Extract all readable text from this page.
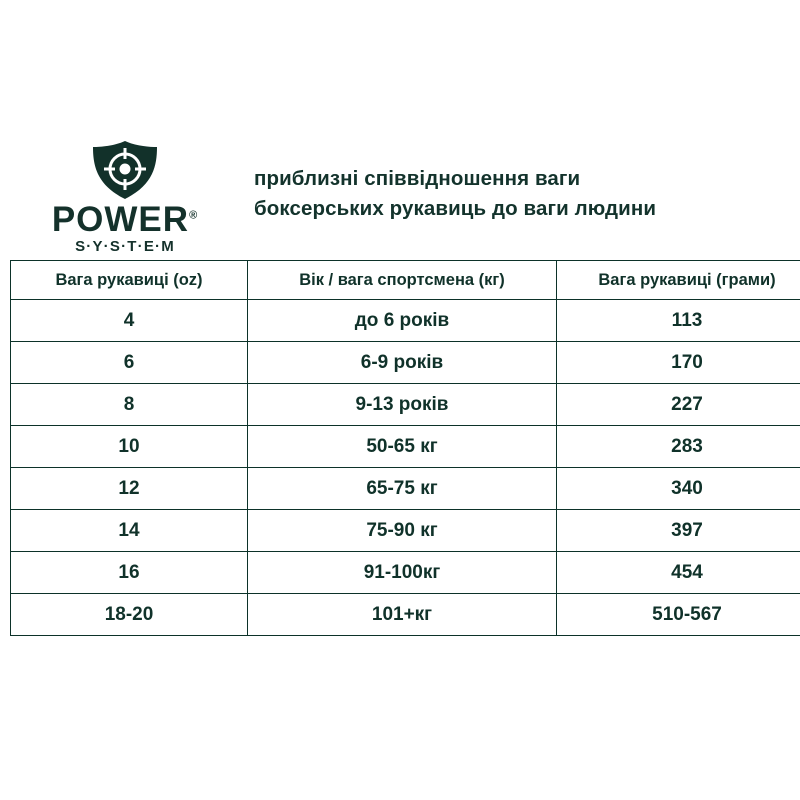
POWER®
S·Y·S·T·E·M
приблизні співвідношення ваги
боксерських рукавиць до ваги людини
Вага рукавиці (oz)	Вік / вага спортсмена (кг)	Вага рукавиці (грами)
4	до 6 років	113
6	6-9 років	170
8	9-13 років	227
10	50-65 кг	283
12	65-75 кг	340
14	75-90 кг	397
16	91-100кг	454
18-20	101+кг	510-567
